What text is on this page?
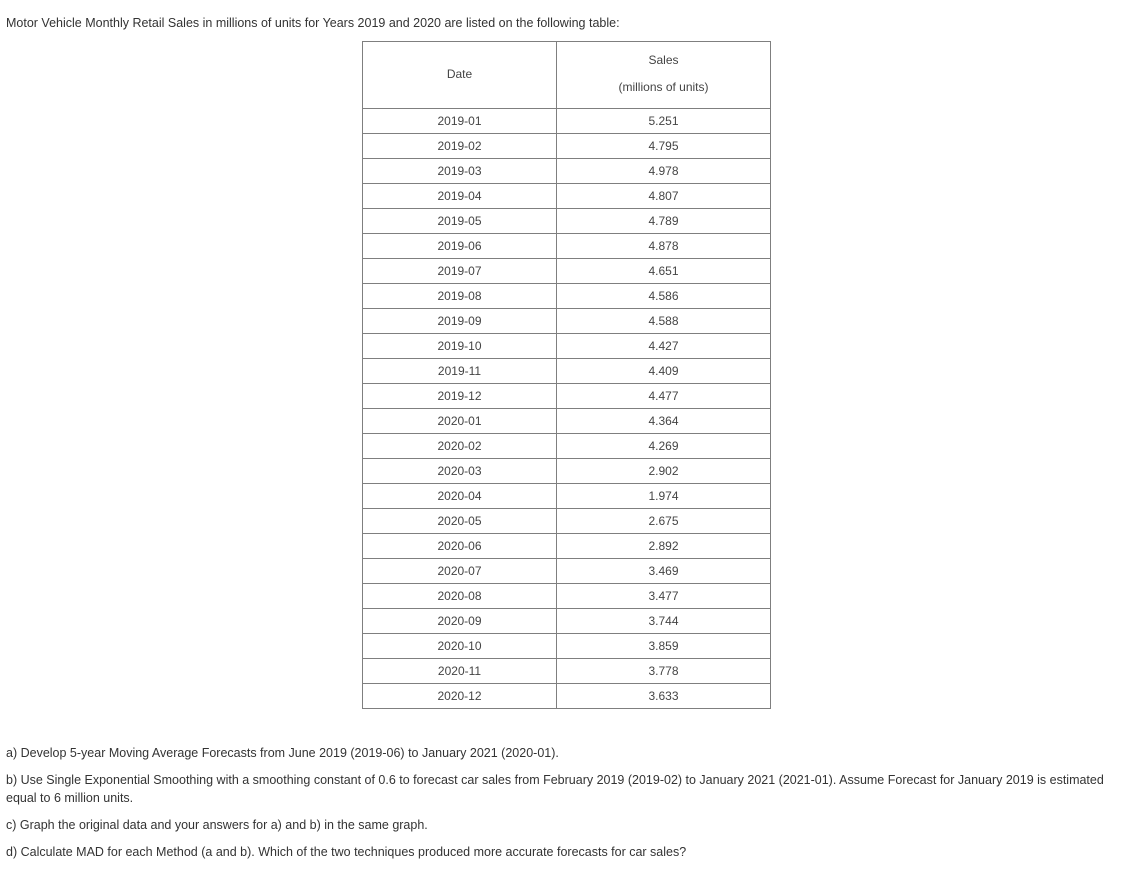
Motor Vehicle Monthly Retail Sales in millions of units for Years 2019 and 2020 are listed on the following table:

Date	Sales
(millions of units)

2019-01	5.251
2019-02	4.795
2019-03	4.978
2019-04	4.807
2019-05	4.789
2019-06	4.878
2019-07	4.651
2019-08	4.586
2019-09	4.588
2019-10	4.427
2019-11	4.409
2019-12	4.477
2020-01	4.364
2020-02	4.269
2020-03	2.902
2020-04	1.974
2020-05	2.675
2020-06	2.892
2020-07	3.469
2020-08	3.477
2020-09	3.744
2020-10	3.859
2020-11	3.778
2020-12	3.633

a) Develop 5-year Moving Average Forecasts from June 2019 (2019-06) to January 2021 (2020-01).

b) Use Single Exponential Smoothing with a smoothing constant of 0.6 to forecast car sales from February 2019 (2019-02) to January 2021 (2021-01). Assume Forecast for January 2019 is estimated equal to 6 million units.

c) Graph the original data and your answers for a) and b) in the same graph.

d) Calculate MAD for each Method (a and b). Which of the two techniques produced more accurate forecasts for car sales?
